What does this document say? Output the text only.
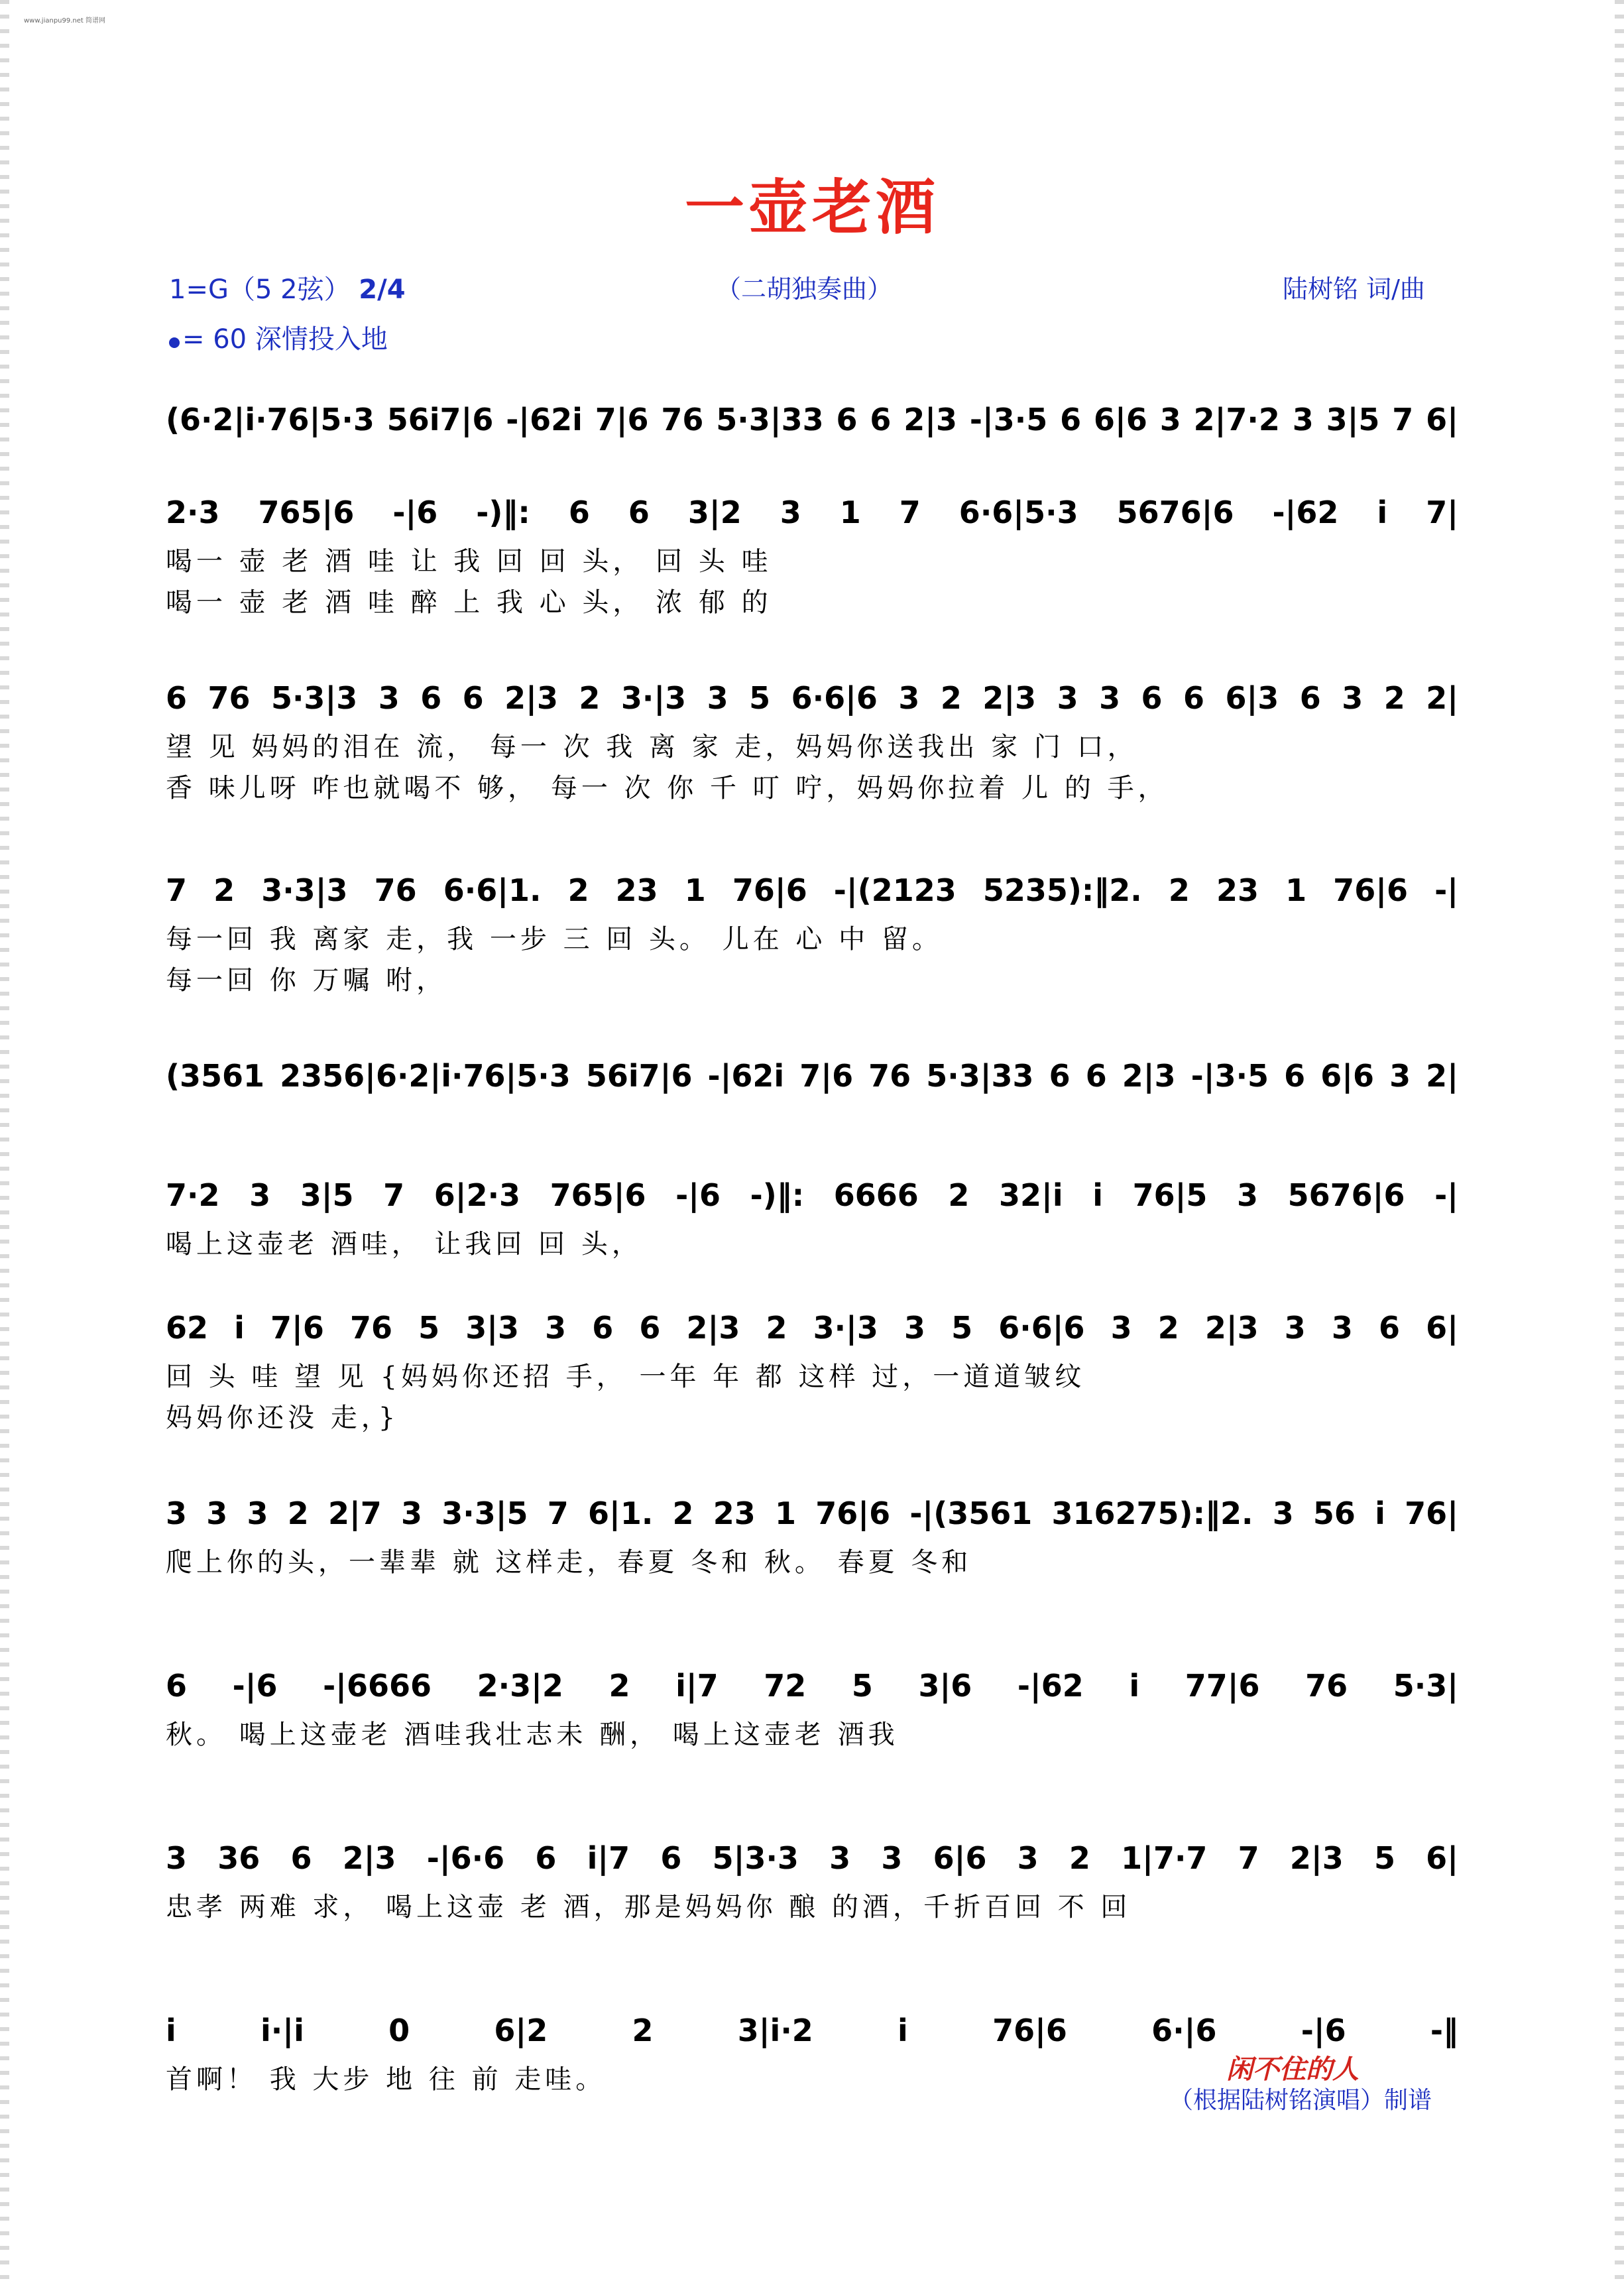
www.jianpu99.net 简谱网
一壶老酒
1=G（5 2弦） 2/4
= 60 深情投入地
（二胡独奏曲）	陆树铭 词/曲
(6·2|i·76|5·3 56i7|6 -|62i 7|6 76 5·3|33 6 6 2|3 -|3·5 6 6|6 3 2|7·2 3 3|5 7 6|
2·3 765|6 -|6 -)‖: 6 6 3|2 3 1 7 6·6|5·3 5676|6 -|62 i 7|
喝一 壶 老 酒 哇 让 我 回 回 头， 回 头 哇
喝一 壶 老 酒 哇 醉 上 我 心 头， 浓 郁 的
6 76 5·3|3 3 6 6 2|3 2 3·|3 3 5 6·6|6 3 2 2|3 3 3 6 6 6|3 6 3 2 2|
望 见 妈妈的泪在 流， 每一 次 我 离 家 走，妈妈你送我出 家 门 口，
香 味儿呀 咋也就喝不 够， 每一 次 你 千 叮 咛，妈妈你拉着 儿 的 手，
7 2 3·3|3 76 6·6|1. 2 23 1 76|6 -|(2123 5235):‖2. 2 23 1 76|6 -|
每一回 我 离家 走，我 一步 三 回 头。 儿在 心 中 留。
每一回 你 万嘱 咐，
(3561 2356|6·2|i·76|5·3 56i7|6 -|62i 7|6 76 5·3|33 6 6 2|3 -|3·5 6 6|6 3 2|
7·2 3 3|5 7 6|2·3 765|6 -|6 -)‖: 6666 2 32|i i 76|5 3 5676|6 -|
喝上这壶老 酒哇， 让我回 回 头，
62 i 7|6 76 5 3|3 3 6 6 2|3 2 3·|3 3 5 6·6|6 3 2 2|3 3 3 6 6|
回 头 哇 望 见 {妈妈你还招 手， 一年 年 都 这样 过，一道道皱纹
妈妈你还没 走，}
3 3 3 2 2|7 3 3·3|5 7 6|1. 2 23 1 76|6 -|(3561 316275):‖2. 3 56 i 76|
爬上你的头，一辈辈 就 这样走，春夏 冬和 秋。 春夏 冬和
6 -|6 -|6666 2·3|2 2 i|7 72 5 3|6 -|62 i 77|6 76 5·3|
秋。 喝上这壶老 酒哇我壮志未 酬， 喝上这壶老 酒我
3 36 6 2|3 -|6·6 6 i|7 6 5|3·3 3 3 6|6 3 2 1|7·7 7 2|3 5 6|
忠孝 两难 求， 喝上这壶 老 酒，那是妈妈你 酿 的酒，千折百回 不 回
i i·|i 0 6|2 2 3|i·2 i 76|6 6·|6 -|6 -‖
首啊！ 我 大步 地 往 前 走哇。	闲不住的人
（根据陆树铭演唱）制谱
